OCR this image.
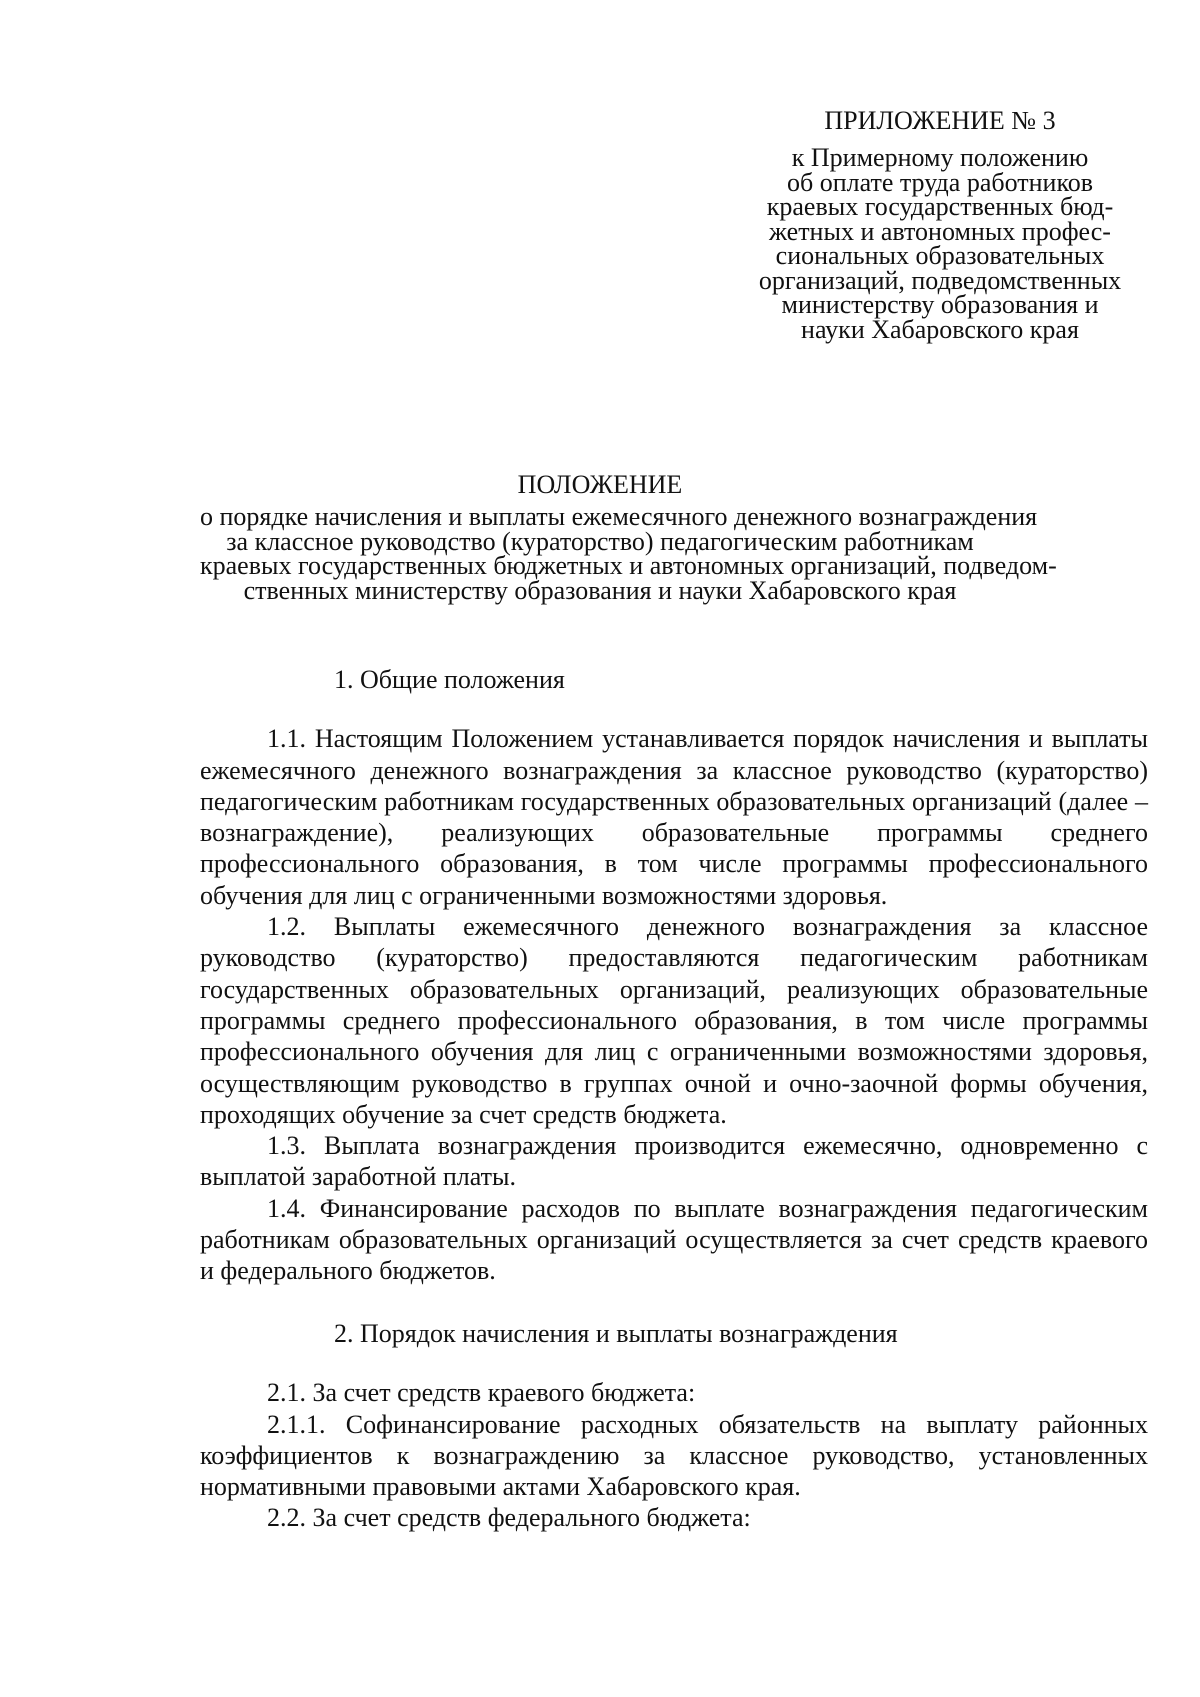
ПРИЛОЖЕНИЕ № 3

к Примерному положению

об оплате труда работников

краевых государственных бюд-

жетных и автономных профес-

сиональных образовательных

организаций, подведомственных

министерству образования и

науки Хабаровского края

ПОЛОЖЕНИЕ

о порядке начисления и выплаты ежемесячного денежного вознаграждения

за классное руководство (кураторство) педагогическим работникам

краевых государственных бюджетных и автономных организаций, подведом-

ственных министерству образования и науки Хабаровского края

1. Общие положения

1.1. Настоящим Положением устанавливается порядок начисления и выплаты ежемесячного денежного вознаграждения за классное руководство (кураторство) педагогическим работникам государственных образовательных организаций (далее – вознаграждение), реализующих образовательные программы среднего профессионального образования, в том числе программы профессионального обучения для лиц с ограниченными возможностями здоровья.

1.2. Выплаты ежемесячного денежного вознаграждения за классное руководство (кураторство) предоставляются педагогическим работникам государственных образовательных организаций, реализующих образовательные программы среднего профессионального образования, в том числе программы профессионального обучения для лиц с ограниченными возможностями здоровья, осуществляющим руководство в группах очной и очно-заочной формы обучения, проходящих обучение за счет средств бюджета.

1.3. Выплата вознаграждения производится ежемесячно, одновременно с выплатой заработной платы.

1.4. Финансирование расходов по выплате вознаграждения педагогическим работникам образовательных организаций осуществляется за счет средств краевого и федерального бюджетов.

2. Порядок начисления и выплаты вознаграждения

2.1. За счет средств краевого бюджета:

2.1.1. Софинансирование расходных обязательств на выплату районных коэффициентов к вознаграждению за классное руководство, установленных нормативными правовыми актами Хабаровского края.

2.2. За счет средств федерального бюджета:
